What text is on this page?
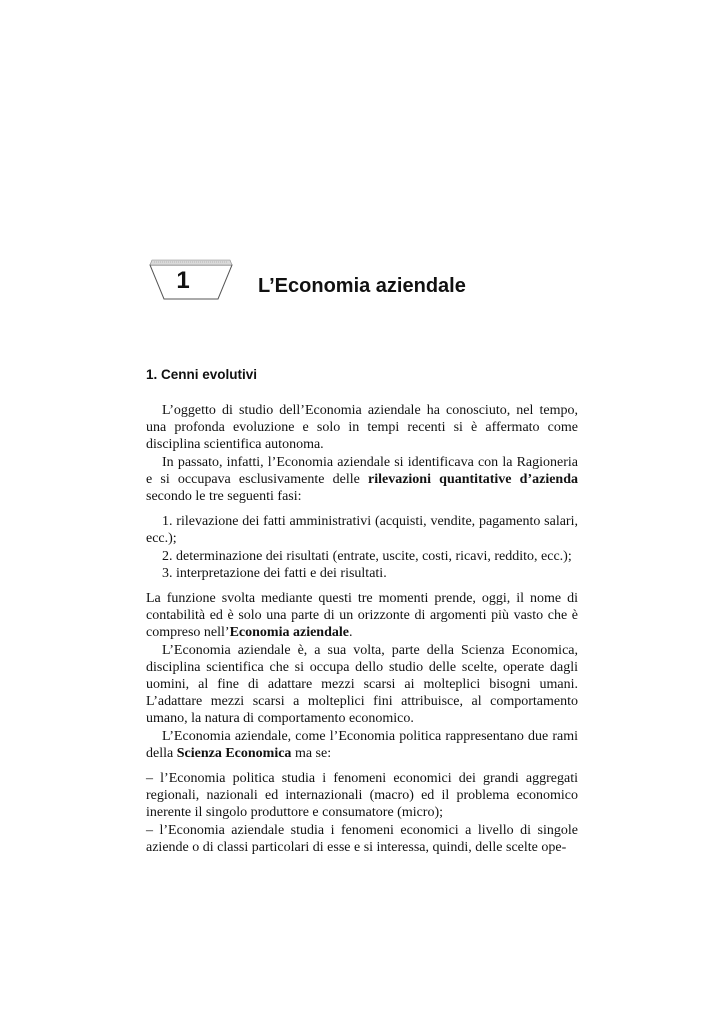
1	L’Economia aziendale
1. Cenni evolutivi

L’oggetto di studio dell’Economia aziendale ha conosciuto, nel tempo, una profonda evoluzione e solo in tempi recenti si è affermato come disciplina scientifica autonoma.

In passato, infatti, l’Economia aziendale si identificava con la Ragioneria e si occupava esclusivamente delle rilevazioni quantitative d’azienda secondo le tre seguenti fasi:

1. rilevazione dei fatti amministrativi (acquisti, vendite, pagamento salari, ecc.);

2. determinazione dei risultati (entrate, uscite, costi, ricavi, reddito, ecc.);

3. interpretazione dei fatti e dei risultati.

La funzione svolta mediante questi tre momenti prende, oggi, il nome di contabilità ed è solo una parte di un orizzonte di argomenti più vasto che è compreso nell’Economia aziendale.

L’Economia aziendale è, a sua volta, parte della Scienza Economica, disciplina scientifica che si occupa dello studio delle scelte, operate dagli uomini, al fine di adattare mezzi scarsi ai molteplici bisogni umani. L’adattare mezzi scarsi a molteplici fini attribuisce, al comportamento umano, la natura di comportamento economico.

L’Economia aziendale, come l’Economia politica rappresentano due rami della Scienza Economica ma se:

– l’Economia politica studia i fenomeni economici dei grandi aggregati regionali, nazionali ed internazionali (macro) ed il problema economico inerente il singolo produttore e consumatore (micro);

– l’Economia aziendale studia i fenomeni economici a livello di singole aziende o di classi particolari di esse e si interessa, quindi, delle scelte ope-
